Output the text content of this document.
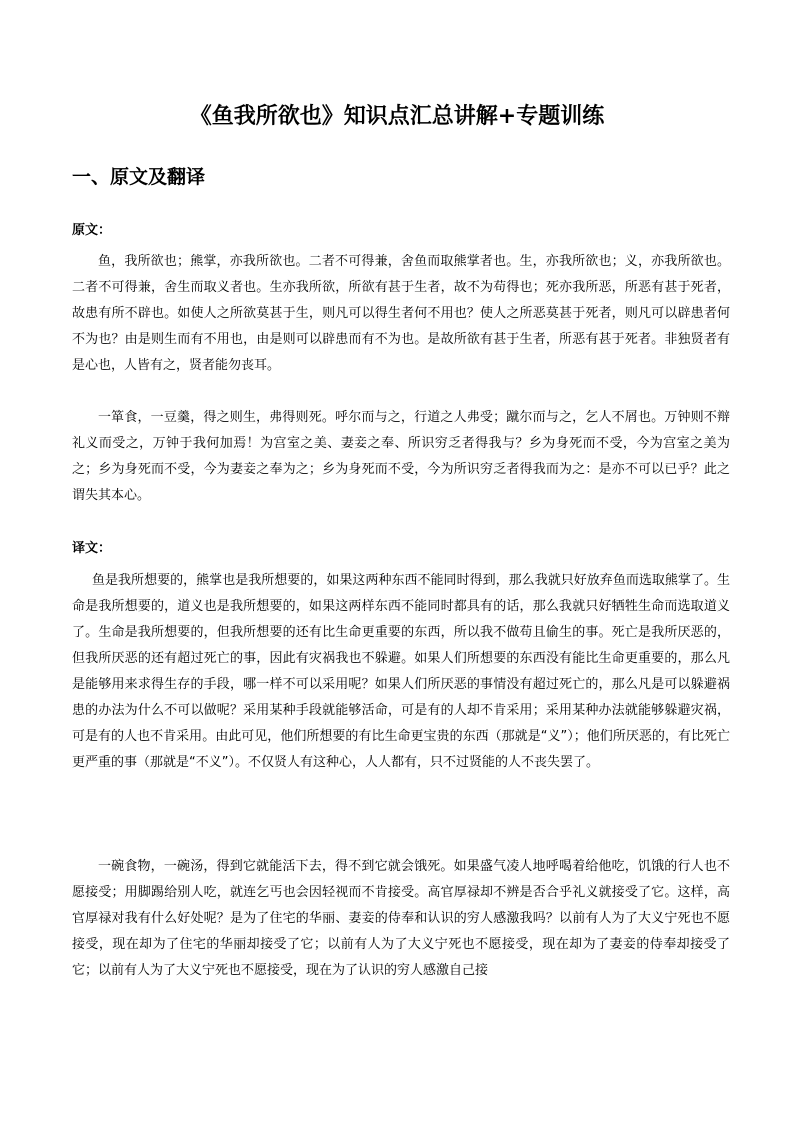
《鱼我所欲也》知识点汇总讲解+专题训练
一、原文及翻译
原文：

鱼，我所欲也；熊掌，亦我所欲也。二者不可得兼，舍鱼而取熊掌者也。生，亦我所欲也；义，亦我所欲也。二者不可得兼，舍生而取义者也。生亦我所欲，所欲有甚于生者，故不为苟得也；死亦我所恶，所恶有甚于死者，故患有所不辟也。如使人之所欲莫甚于生，则凡可以得生者何不用也？使人之所恶莫甚于死者，则凡可以辟患者何不为也？由是则生而有不用也，由是则可以辟患而有不为也。是故所欲有甚于生者，所恶有甚于死者。非独贤者有是心也，人皆有之，贤者能勿丧耳。

一箪食，一豆羹，得之则生，弗得则死。呼尔而与之，行道之人弗受；蹴尔而与之，乞人不屑也。万钟则不辩礼义而受之，万钟于我何加焉！为宫室之美、妻妾之奉、所识穷乏者得我与？乡为身死而不受，今为宫室之美为之；乡为身死而不受，今为妻妾之奉为之；乡为身死而不受，今为所识穷乏者得我而为之：是亦不可以已乎？此之谓失其本心。

译文：

鱼是我所想要的，熊掌也是我所想要的，如果这两种东西不能同时得到，那么我就只好放弃鱼而选取熊掌了。生命是我所想要的，道义也是我所想要的，如果这两样东西不能同时都具有的话，那么我就只好牺牲生命而选取道义了。生命是我所想要的，但我所想要的还有比生命更重要的东西，所以我不做苟且偷生的事。死亡是我所厌恶的，但我所厌恶的还有超过死亡的事，因此有灾祸我也不躲避。如果人们所想要的东西没有能比生命更重要的，那么凡是能够用来求得生存的手段，哪一样不可以采用呢？如果人们所厌恶的事情没有超过死亡的，那么凡是可以躲避祸患的办法为什么不可以做呢？采用某种手段就能够活命，可是有的人却不肯采用；采用某种办法就能够躲避灾祸，可是有的人也不肯采用。由此可见，他们所想要的有比生命更宝贵的东西（那就是“义”）；他们所厌恶的，有比死亡更严重的事（那就是“不义”）。不仅贤人有这种心，人人都有，只不过贤能的人不丧失罢了。

一碗食物，一碗汤，得到它就能活下去，得不到它就会饿死。如果盛气凌人地呼喝着给他吃，饥饿的行人也不愿接受；用脚踢给别人吃，就连乞丐也会因轻视而不肯接受。高官厚禄却不辨是否合乎礼义就接受了它。这样，高官厚禄对我有什么好处呢？是为了住宅的华丽、妻妾的侍奉和认识的穷人感激我吗？以前有人为了大义宁死也不愿接受，现在却为了住宅的华丽却接受了它；以前有人为了大义宁死也不愿接受，现在却为了妻妾的侍奉却接受了它；以前有人为了大义宁死也不愿接受，现在为了认识的穷人感激自己接
